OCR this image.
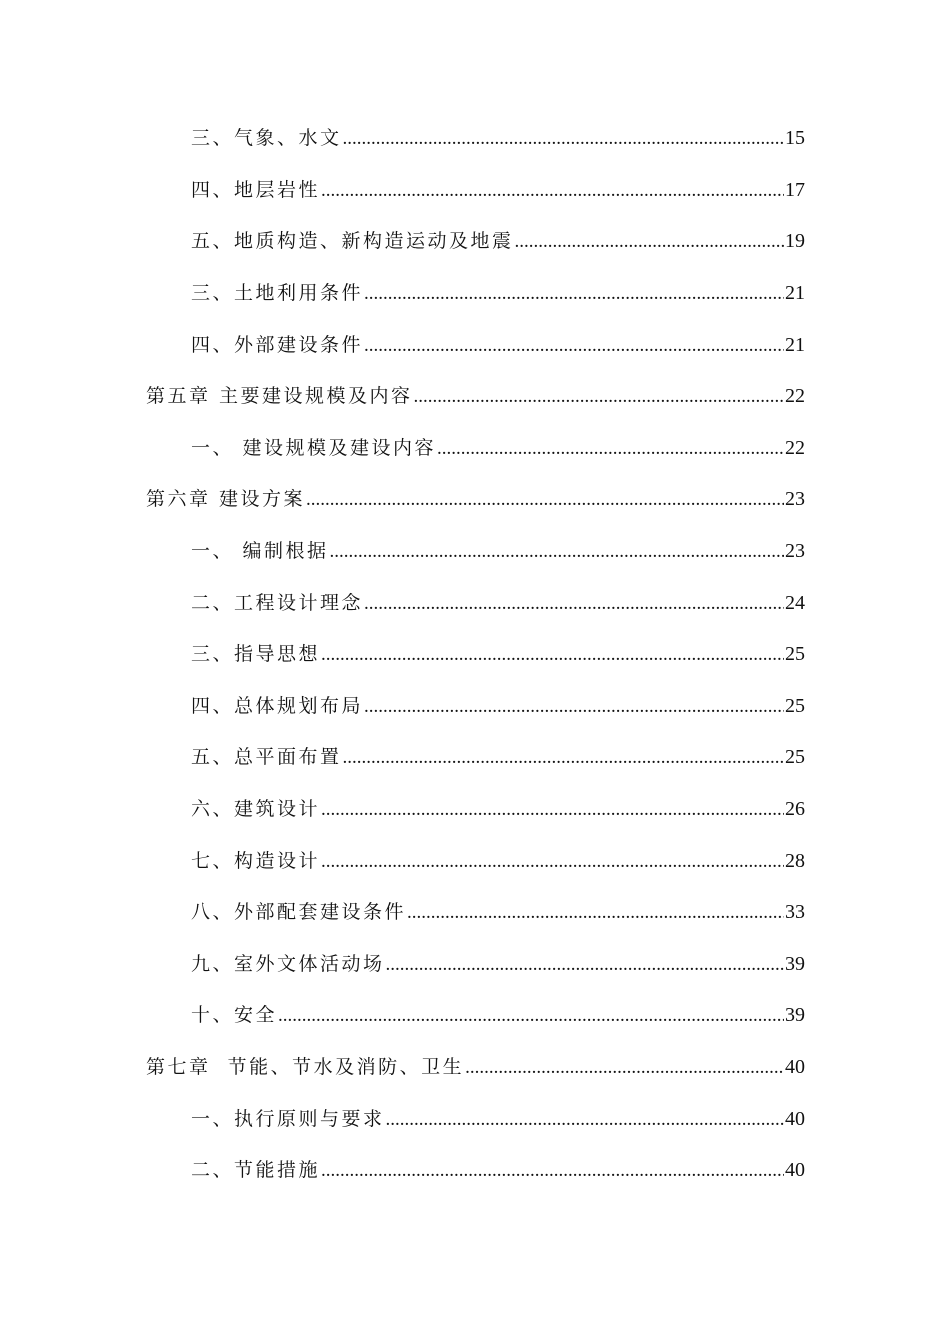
三、气象、水文 .....	15
四、地层岩性 .....	17
五、地质构造、新构造运动及地震 .....	19
三、土地利用条件 .....	21
四、外部建设条件 .....	21
第五章 主要建设规模及内容 .....	22
一、 建设规模及建设内容 .....	22
第六章 建设方案 .....	23
一、 编制根据 .....	23
二、工程设计理念 .....	24
三、指导思想 .....	25
四、总体规划布局 .....	25
五、总平面布置 .....	25
六、建筑设计 .....	26
七、构造设计 .....	28
八、外部配套建设条件 .....	33
九、室外文体活动场 .....	39
十、安全 .....	39
第七章  节能、节水及消防、卫生 .....	40
一、执行原则与要求 .....	40
二、节能措施 .....	40
